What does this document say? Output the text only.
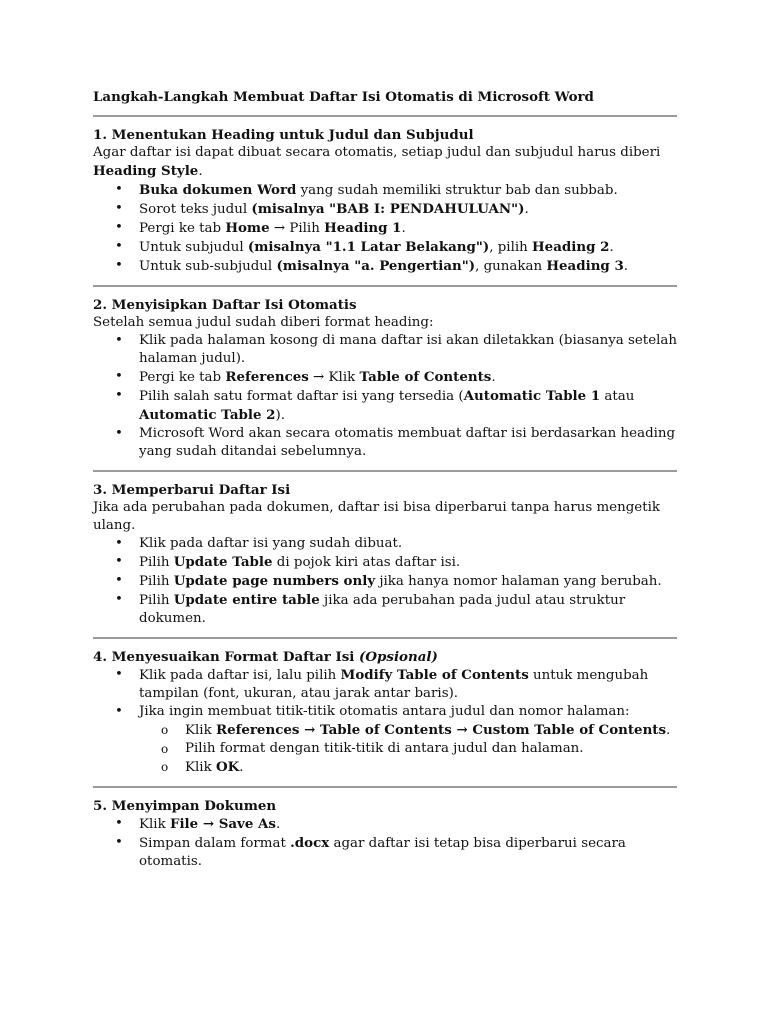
Langkah-Langkah Membuat Daftar Isi Otomatis di Microsoft Word
1. Menentukan Heading untuk Judul dan Subjudul

Agar daftar isi dapat dibuat secara otomatis, setiap judul dan subjudul harus diberi Heading Style.

• Buka dokumen Word yang sudah memiliki struktur bab dan subbab.
• Sorot teks judul (misalnya "BAB I: PENDAHULUAN").
• Pergi ke tab Home → Pilih Heading 1.
• Untuk subjudul (misalnya "1.1 Latar Belakang"), pilih Heading 2.
• Untuk sub-subjudul (misalnya "a. Pengertian"), gunakan Heading 3.
2. Menyisipkan Daftar Isi Otomatis

Setelah semua judul sudah diberi format heading:

• Klik pada halaman kosong di mana daftar isi akan diletakkan (biasanya setelah halaman judul).
• Pergi ke tab References → Klik Table of Contents.
• Pilih salah satu format daftar isi yang tersedia (Automatic Table 1 atau Automatic Table 2).
• Microsoft Word akan secara otomatis membuat daftar isi berdasarkan heading yang sudah ditandai sebelumnya.
3. Memperbarui Daftar Isi

Jika ada perubahan pada dokumen, daftar isi bisa diperbarui tanpa harus mengetik ulang.

• Klik pada daftar isi yang sudah dibuat.
• Pilih Update Table di pojok kiri atas daftar isi.
• Pilih Update page numbers only jika hanya nomor halaman yang berubah.
• Pilih Update entire table jika ada perubahan pada judul atau struktur dokumen.
4. Menyesuaikan Format Daftar Isi (Opsional)
• Klik pada daftar isi, lalu pilih Modify Table of Contents untuk mengubah tampilan (font, ukuran, atau jarak antar baris).
• Jika ingin membuat titik-titik otomatis antara judul dan nomor halaman:
o Klik References → Table of Contents → Custom Table of Contents.
o Pilih format dengan titik-titik di antara judul dan halaman.
o Klik OK.
5. Menyimpan Dokumen
• Klik File → Save As.
• Simpan dalam format .docx agar daftar isi tetap bisa diperbarui secara otomatis.
